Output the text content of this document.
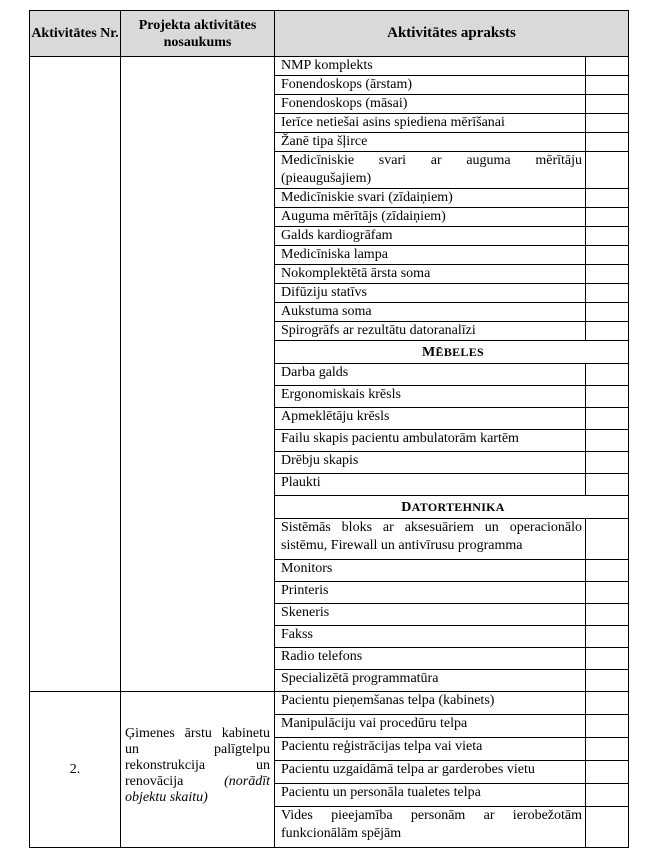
Aktivitātes Nr.	Projekta aktivitātes nosaukums	Aktivitātes apraksts	
		NMP komplekts	
		Fonendoskops (ārstam)	
		Fonendoskops (māsai)	
		Ierīce netiešai asins spiediena mērīšanai	
		Žanē tipa šļirce	
		Medicīniskie svari ar auguma mērītāju (pieaugušajiem)	
		Medicīniskie svari (zīdaiņiem)	
		Auguma mērītājs (zīdaiņiem)	
		Galds kardiogrāfam	
		Medicīniska lampa	
		Nokomplektētā ārsta soma	
		Difūziju statīvs	
		Aukstuma soma	
		Spirogrāfs ar rezultātu datoranalīzi	
		MĒBELES	
		Darba galds	
		Ergonomiskais krēsls	
		Apmeklētāju krēsls	
		Failu skapis pacientu ambulatorām kartēm	
		Drēbju skapis	
		Plaukti	
		DATORTEHNIKA	
		Sistēmās bloks ar aksesuāriem un operacionālo sistēmu, Firewall un antivīrusu programma	
		Monitors	
		Printeris	
		Skeneris	
		Fakss	
		Radio telefons	
		Specializētā programmatūra	
2.	Ģimenes ārstu kabinetu un palīgtelpu rekonstrukcija un renovācija (norādīt objektu skaitu)	Pacientu pieņemšanas telpa (kabinets)	
		Manipulāciju vai procedūru telpa	
		Pacientu reģistrācijas telpa vai vieta	
		Pacientu uzgaidāmā telpa ar garderobes vietu	
		Pacientu un personāla tualetes telpa	
		Vides pieejamība personām ar ierobežotām funkcionālām spējām	
